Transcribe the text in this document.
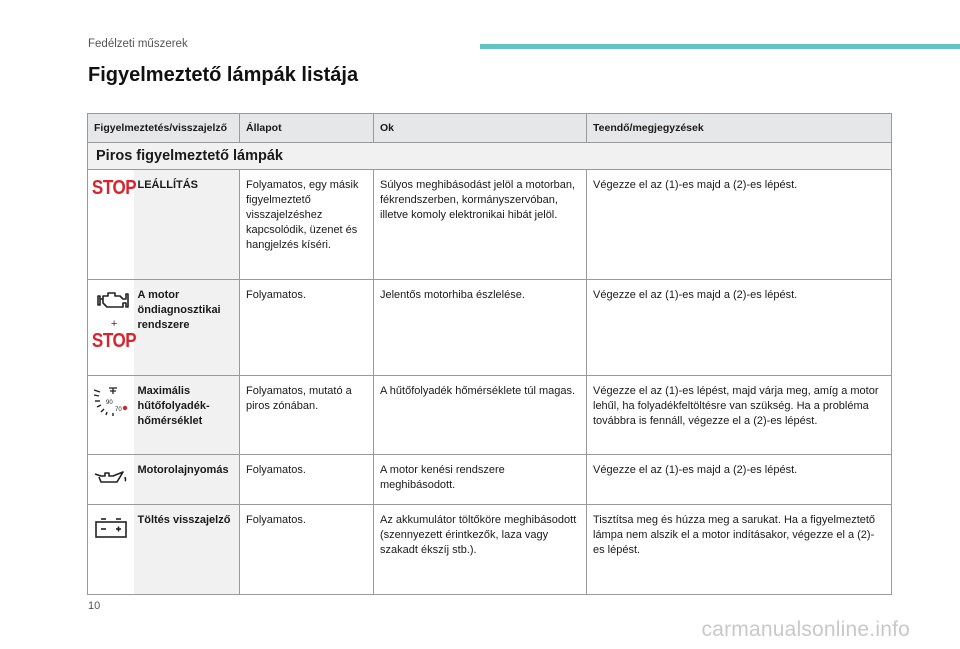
Fedélzeti műszerek
Figyelmeztető lámpák listája
Figyelmeztetés/visszajelző		Állapot	Ok	Teendő/megjegyzések
Piros figyelmeztető lámpák				
STOP	LEÁLLÍTÁS	Folyamatos, egy másik figyelmeztető visszajelzéshez kapcsolódik, üzenet és hangjelzés kíséri.	Súlyos meghibásodást jelöl a motorban, fékrendszerben, kormányszervóban, illetve komoly elektronikai hibát jelöl.	Végezze el az (1)-es majd a (2)-es lépést.

+
STOP	A motor öndiagnosztikai rendszere	Folyamatos.	Jelentős motorhiba észlelése.	Végezze el az (1)-es majd a (2)-es lépést.

90
70	Maximális hűtőfolyadék-hőmérséklet	Folyamatos, mutató a piros zónában.	A hűtőfolyadék hőmérséklete túl magas.	Végezze el az (1)-es lépést, majd várja meg, amíg a motor lehűl, ha folyadékfeltöltésre van szükség. Ha a probléma továbbra is fennáll, végezze el a (2)-es lépést.
	Motorolajnyomás	Folyamatos.	A motor kenési rendszere meghibásodott.	Végezze el az (1)-es majd a (2)-es lépést.
	Töltés visszajelző	Folyamatos.	Az akkumulátor töltőköre meghibásodott (szennyezett érintkezők, laza vagy szakadt ékszíj stb.).	Tisztítsa meg és húzza meg a sarukat. Ha a figyelmeztető lámpa nem alszik el a motor indításakor, végezze el a (2)-es lépést.
10
carmanualsonline.info
